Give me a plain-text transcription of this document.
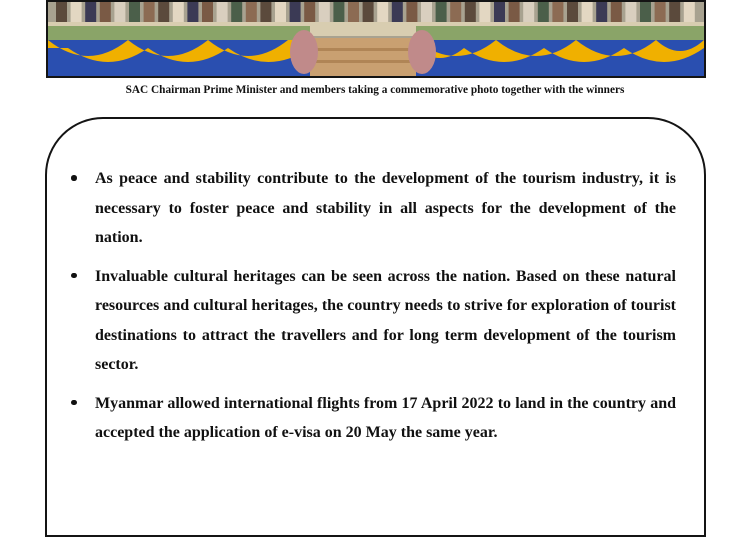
SAC Chairman Prime Minister and members taking a commemorative photo together with the winners
As peace and stability contribute to the development of the tourism industry, it is necessary to foster peace and stability in all aspects for the development of the nation.
Invaluable cultural heritages can be seen across the nation. Based on these natural resources and cultural heritages, the country needs to strive for exploration of tourist destinations to attract the travellers and for long term development of the tourism sector.
Myanmar allowed international flights from 17 April 2022 to land in the country and accepted the application of e-visa on 20 May the same year.
